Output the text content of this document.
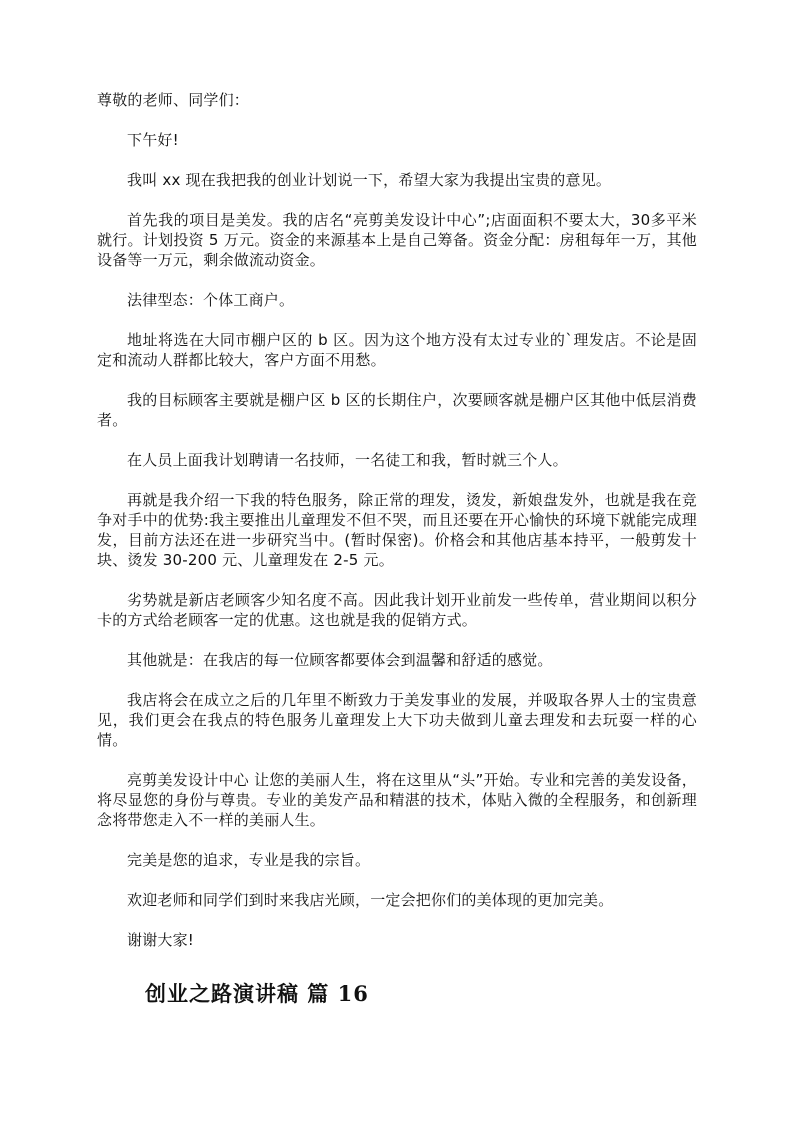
尊敬的老师、同学们：

下午好!

我叫 xx 现在我把我的创业计划说一下，希望大家为我提出宝贵的意见。

首先我的项目是美发。我的店名“亮剪美发设计中心”;店面面积不要太大，30多平米就行。计划投资 5 万元。资金的来源基本上是自己筹备。资金分配：房租每年一万，其他设备等一万元，剩余做流动资金。

法律型态：个体工商户。

地址将选在大同市棚户区的 b 区。因为这个地方没有太过专业的`理发店。不论是固定和流动人群都比较大，客户方面不用愁。

我的目标顾客主要就是棚户区 b 区的长期住户，次要顾客就是棚户区其他中低层消费者。

在人员上面我计划聘请一名技师，一名徒工和我，暂时就三个人。

再就是我介绍一下我的特色服务，除正常的理发，烫发，新娘盘发外，也就是我在竞争对手中的优势:我主要推出儿童理发不但不哭，而且还要在开心愉快的环境下就能完成理发，目前方法还在进一步研究当中。(暂时保密)。价格会和其他店基本持平，一般剪发十块、烫发 30-200 元、儿童理发在 2-5 元。

劣势就是新店老顾客少知名度不高。因此我计划开业前发一些传单，营业期间以积分卡的方式给老顾客一定的优惠。这也就是我的促销方式。

其他就是：在我店的每一位顾客都要体会到温馨和舒适的感觉。

我店将会在成立之后的几年里不断致力于美发事业的发展，并吸取各界人士的宝贵意见，我们更会在我点的特色服务儿童理发上大下功夫做到儿童去理发和去玩耍一样的心情。

亮剪美发设计中心 让您的美丽人生，将在这里从“头”开始。专业和完善的美发设备，将尽显您的身份与尊贵。专业的美发产品和精湛的技术，体贴入微的全程服务，和创新理念将带您走入不一样的美丽人生。

完美是您的追求，专业是我的宗旨。

欢迎老师和同学们到时来我店光顾，一定会把你们的美体现的更加完美。

谢谢大家!

创业之路演讲稿 篇 16
